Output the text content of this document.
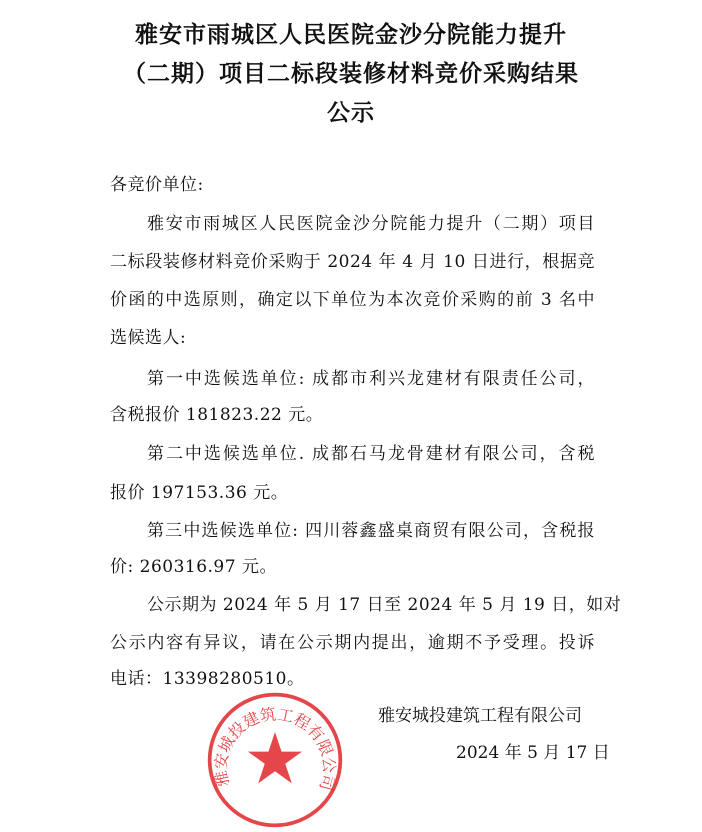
雅安市雨城区人民医院金沙分院能力提升
（二期）项目二标段装修材料竞价采购结果
公示
各竞价单位:
雅安市雨城区人民医院金沙分院能力提升（二期）项目
二标段装修材料竞价采购于 2024 年 4 月 10 日进行，根据竞
价函的中选原则，确定以下单位为本次竞价采购的前 3 名中
选候选人:
第一中选候选单位: 成都市利兴龙建材有限责任公司，
含税报价 181823.22 元。
第二中选候选单位. 成都石马龙骨建材有限公司，含税
报价 197153.36 元。
第三中选候选单位: 四川蓉鑫盛桌商贸有限公司，含税报
价: 260316.97 元。
公示期为 2024 年 5 月 17 日至 2024 年 5 月 19 日，如对
公示内容有异议，请在公示期内提出，逾期不予受理。投诉
电话：13398280510。
雅安城投建筑工程有限公司
雅安城投建筑工程有限公司
2024 年 5 月 17 日
